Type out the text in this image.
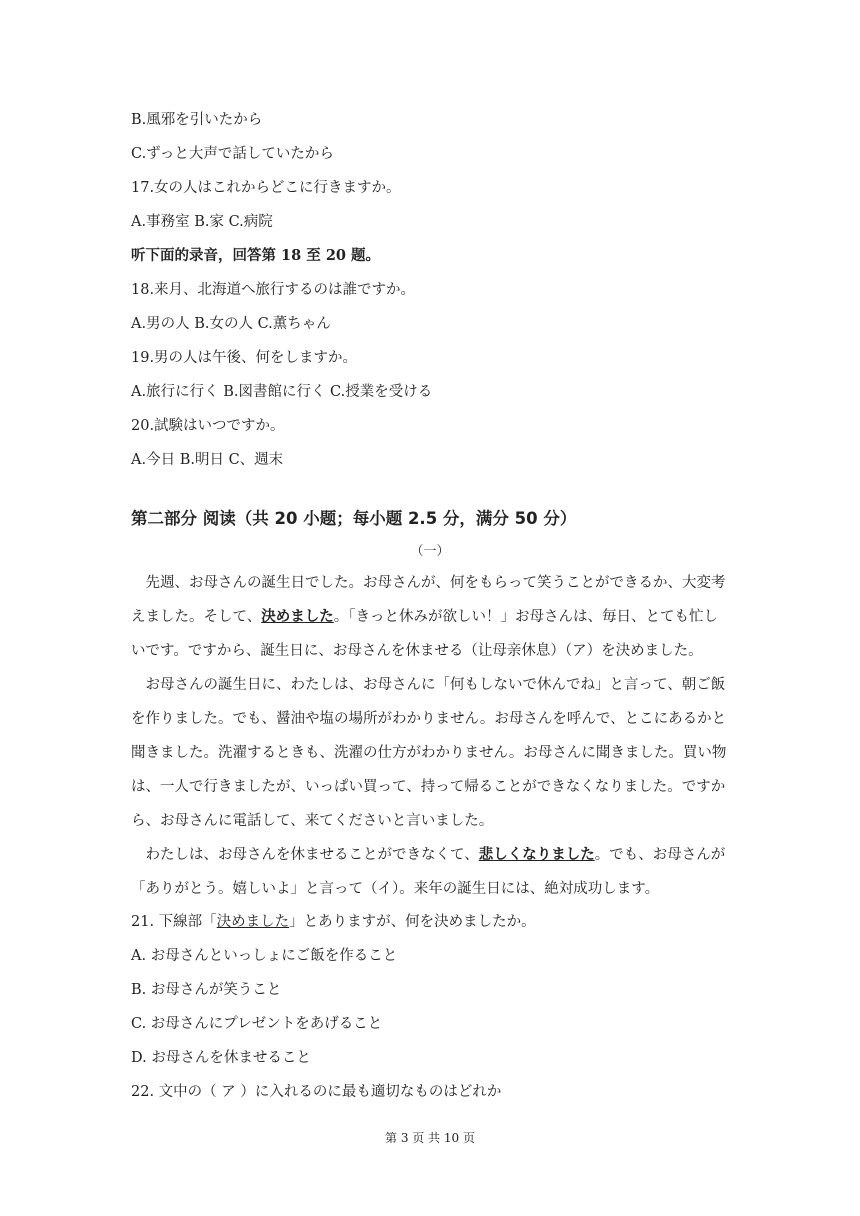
B.風邪を引いたから
C.ずっと大声で話していたから
17.女の人はこれからどこに行きますか。
A.事務室 B.家 C.病院
听下面的录音，回答第 18 至 20 题。
18.来月、北海道へ旅行するのは誰ですか。
A.男の人 B.女の人 C.薫ちゃん
19.男の人は午後、何をしますか。
A.旅行に行く B.図書館に行く C.授業を受ける
20.試験はいつですか。
A.今日 B.明日 C、週末
第二部分 阅读（共 20 小题；每小题 2.5 分，满分 50 分）
（一）

先週、お母さんの誕生日でした。お母さんが、何をもらって笑うことができるか、大変考えました。そして、決めました。「きっと休みが欲しい！」お母さんは、毎日、とても忙しいです。ですから、誕生日に、お母さんを休ませる（让母亲休息）（ア）を決めました。

お母さんの誕生日に、わたしは、お母さんに「何もしないで休んでね」と言って、朝ご飯を作りました。でも、醤油や塩の場所がわかりません。お母さんを呼んで、とこにあるかと聞きました。洗濯するときも、洗濯の仕方がわかりません。お母さんに聞きました。買い物は、一人で行きましたが、いっぱい買って、持って帰ることができなくなりました。ですから、お母さんに電話して、来てくださいと言いました。

わたしは、お母さんを休ませることができなくて、悲しくなりました。でも、お母さんが「ありがとう。嬉しいよ」と言って（イ）。来年の誕生日には、絶対成功します。

21. 下線部「決めました」とありますが、何を決めましたか。
A. お母さんといっしょにご飯を作ること
B. お母さんが笑うこと
C. お母さんにプレゼントをあげること
D. お母さんを休ませること
22. 文中の（ ア ）に入れるのに最も適切なものはどれか
第 3 页 共 10 页
